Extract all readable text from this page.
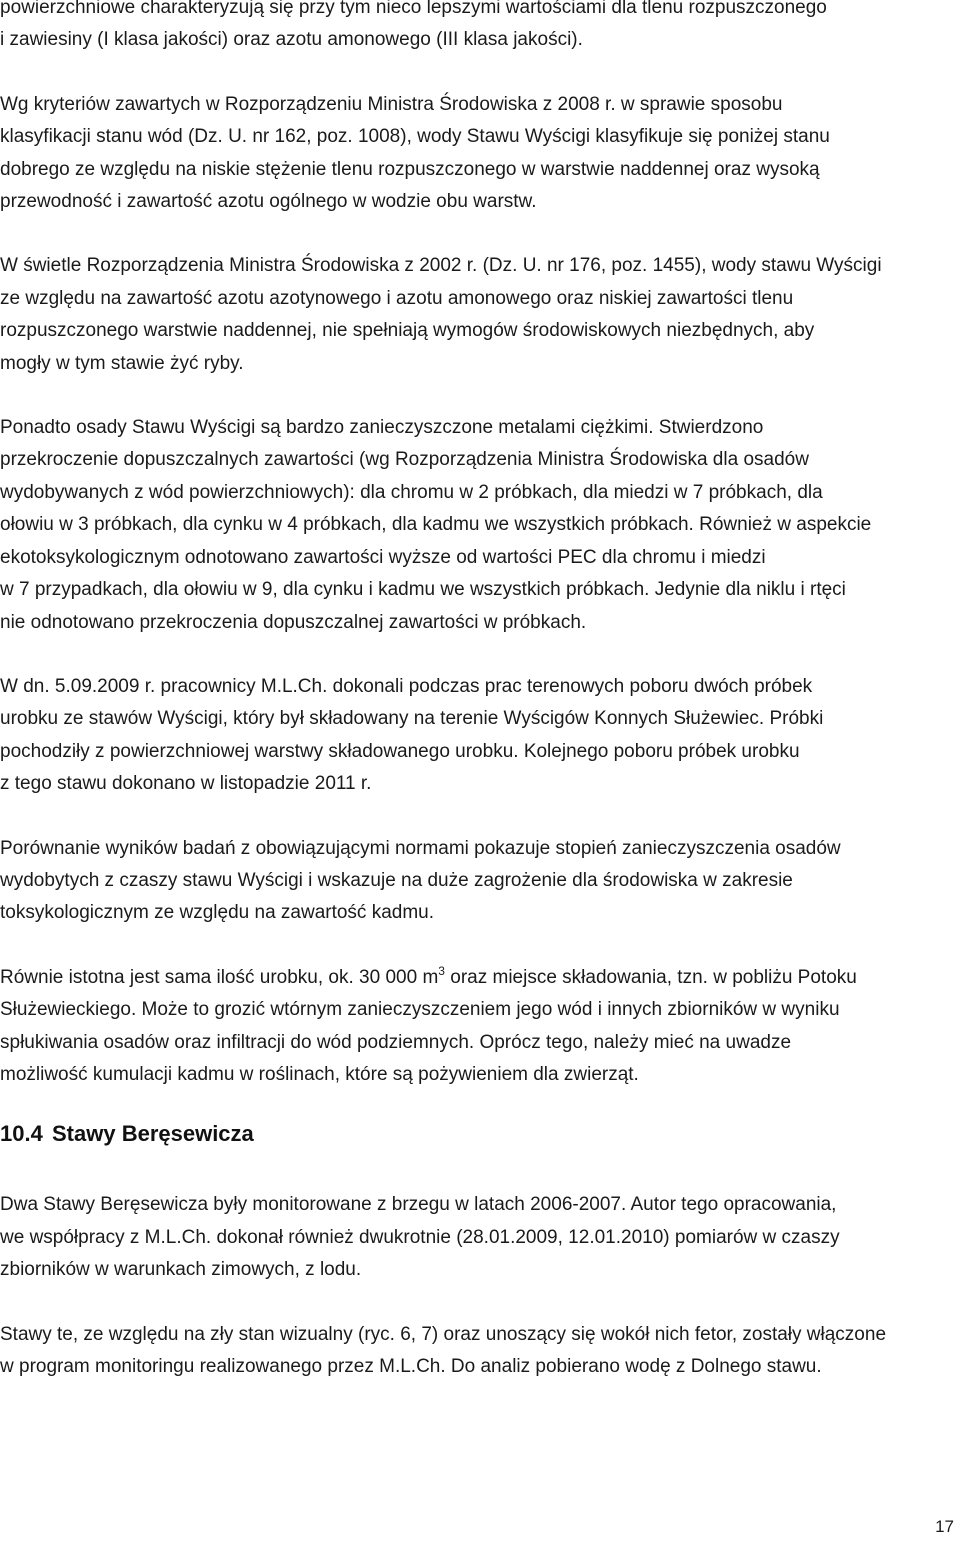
powierzchniowe charakteryzują się przy tym nieco lepszymi wartościami dla tlenu rozpuszczonego
i zawiesiny (I klasa jakości) oraz azotu amonowego (III klasa jakości).

Wg kryteriów zawartych w Rozporządzeniu Ministra Środowiska z 2008 r. w sprawie sposobu
klasyfikacji stanu wód (Dz. U. nr 162, poz. 1008), wody Stawu Wyścigi klasyfikuje się poniżej stanu
dobrego ze względu na niskie stężenie tlenu rozpuszczonego w warstwie naddennej oraz wysoką
przewodność i zawartość azotu ogólnego w wodzie obu warstw.

W świetle Rozporządzenia Ministra Środowiska z 2002 r. (Dz. U. nr 176, poz. 1455), wody stawu Wyścigi
ze względu na zawartość azotu azotynowego i azotu amonowego oraz niskiej zawartości tlenu
rozpuszczonego warstwie naddennej, nie spełniają wymogów środowiskowych niezbędnych, aby
mogły w tym stawie żyć ryby.

Ponadto osady Stawu Wyścigi są bardzo zanieczyszczone metalami ciężkimi. Stwierdzono
przekroczenie dopuszczalnych zawartości (wg Rozporządzenia Ministra Środowiska dla osadów
wydobywanych z wód powierzchniowych): dla chromu w 2 próbkach, dla miedzi w 7 próbkach, dla
ołowiu w 3 próbkach, dla cynku w 4 próbkach, dla kadmu we wszystkich próbkach. Również w aspekcie
ekotoksykologicznym odnotowano zawartości wyższe od wartości PEC dla chromu i miedzi
w 7 przypadkach, dla ołowiu w 9, dla cynku i kadmu we wszystkich próbkach. Jedynie dla niklu i rtęci
nie odnotowano przekroczenia dopuszczalnej zawartości w próbkach.

W dn. 5.09.2009 r. pracownicy M.L.Ch. dokonali podczas prac terenowych poboru dwóch próbek
urobku ze stawów Wyścigi, który był składowany na terenie Wyścigów Konnych Służewiec. Próbki
pochodziły z powierzchniowej warstwy składowanego urobku. Kolejnego poboru próbek urobku
z tego stawu dokonano w listopadzie 2011 r.

Porównanie wyników badań z obowiązującymi normami pokazuje stopień zanieczyszczenia osadów
wydobytych z czaszy stawu Wyścigi i wskazuje na duże zagrożenie dla środowiska w zakresie
toksykologicznym ze względu na zawartość kadmu.

Równie istotna jest sama ilość urobku, ok. 30 000 $m^3$ oraz miejsce składowania, tzn. w pobliżu Potoku
Służewieckiego. Może to grozić wtórnym zanieczyszczeniem jego wód i innych zbiorników w wyniku
spłukiwania osadów oraz infiltracji do wód podziemnych. Oprócz tego, należy mieć na uwadze
możliwość kumulacji kadmu w roślinach, które są pożywieniem dla zwierząt.

10.4 Stawy Beręsewicza

Dwa Stawy Beręsewicza były monitorowane z brzegu w latach 2006-2007. Autor tego opracowania,
we współpracy z M.L.Ch. dokonał również dwukrotnie (28.01.2009, 12.01.2010) pomiarów w czaszy
zbiorników w warunkach zimowych, z lodu.

Stawy te, ze względu na zły stan wizualny (ryc. 6, 7) oraz unoszący się wokół nich fetor, zostały włączone
w program monitoringu realizowanego przez M.L.Ch. Do analiz pobierano wodę z Dolnego stawu.

17
